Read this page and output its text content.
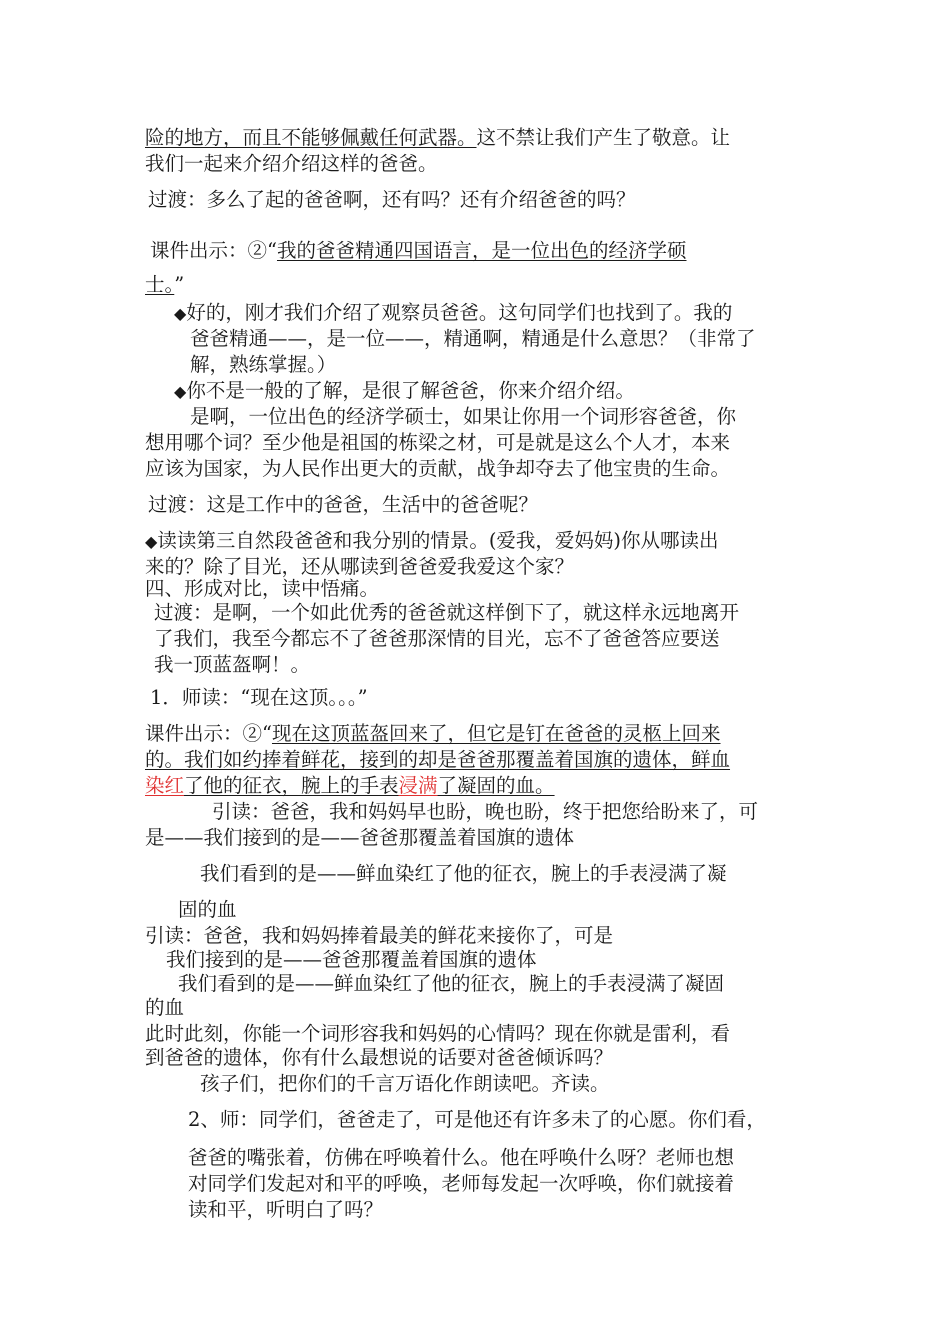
险的地方，而且不能够佩戴任何武器。这不禁让我们产生了敬意。让
我们一起来介绍介绍这样的爸爸。
过渡：多么了起的爸爸啊，还有吗？还有介绍爸爸的吗？
课件出示：②“我的爸爸精通四国语言，是一位出色的经济学硕
士。”
◆好的，刚才我们介绍了观察员爸爸。这句同学们也找到了。我的
爸爸精通——，是一位——，精通啊，精通是什么意思？（非常了
解，熟练掌握。）
◆你不是一般的了解，是很了解爸爸，你来介绍介绍。
是啊，一位出色的经济学硕士，如果让你用一个词形容爸爸，你
想用哪个词？至少他是祖国的栋梁之材，可是就是这么个人才，本来
应该为国家，为人民作出更大的贡献，战争却夺去了他宝贵的生命。
过渡：这是工作中的爸爸，生活中的爸爸呢？
◆读读第三自然段爸爸和我分别的情景。(爱我，爱妈妈)你从哪读出
来的？除了目光，还从哪读到爸爸爱我爱这个家？
四、形成对比，读中悟痛。
过渡：是啊，一个如此优秀的爸爸就这样倒下了，就这样永远地离开
了我们，我至今都忘不了爸爸那深情的目光，忘不了爸爸答应要送
我一顶蓝盔啊！。
1．师读：“现在这顶。。。”
课件出示：②“现在这顶蓝盔回来了，但它是钉在爸爸的灵柩上回来
的。我们如约捧着鲜花，接到的却是爸爸那覆盖着国旗的遗体，鲜血
染红了他的征衣，腕上的手表浸满了凝固的血。
引读：爸爸，我和妈妈早也盼，晚也盼，终于把您给盼来了，可
是——我们接到的是——爸爸那覆盖着国旗的遗体
我们看到的是——鲜血染红了他的征衣，腕上的手表浸满了凝
固的血
引读：爸爸，我和妈妈捧着最美的鲜花来接你了，可是
我们接到的是——爸爸那覆盖着国旗的遗体
我们看到的是——鲜血染红了他的征衣，腕上的手表浸满了凝固
的血
此时此刻，你能一个词形容我和妈妈的心情吗？现在你就是雷利，看
到爸爸的遗体，你有什么最想说的话要对爸爸倾诉吗？
孩子们，把你们的千言万语化作朗读吧。齐读。
2、师：同学们，爸爸走了，可是他还有许多未了的心愿。你们看，
爸爸的嘴张着，仿佛在呼唤着什么。他在呼唤什么呀？老师也想
对同学们发起对和平的呼唤，老师每发起一次呼唤，你们就接着
读和平，听明白了吗？
